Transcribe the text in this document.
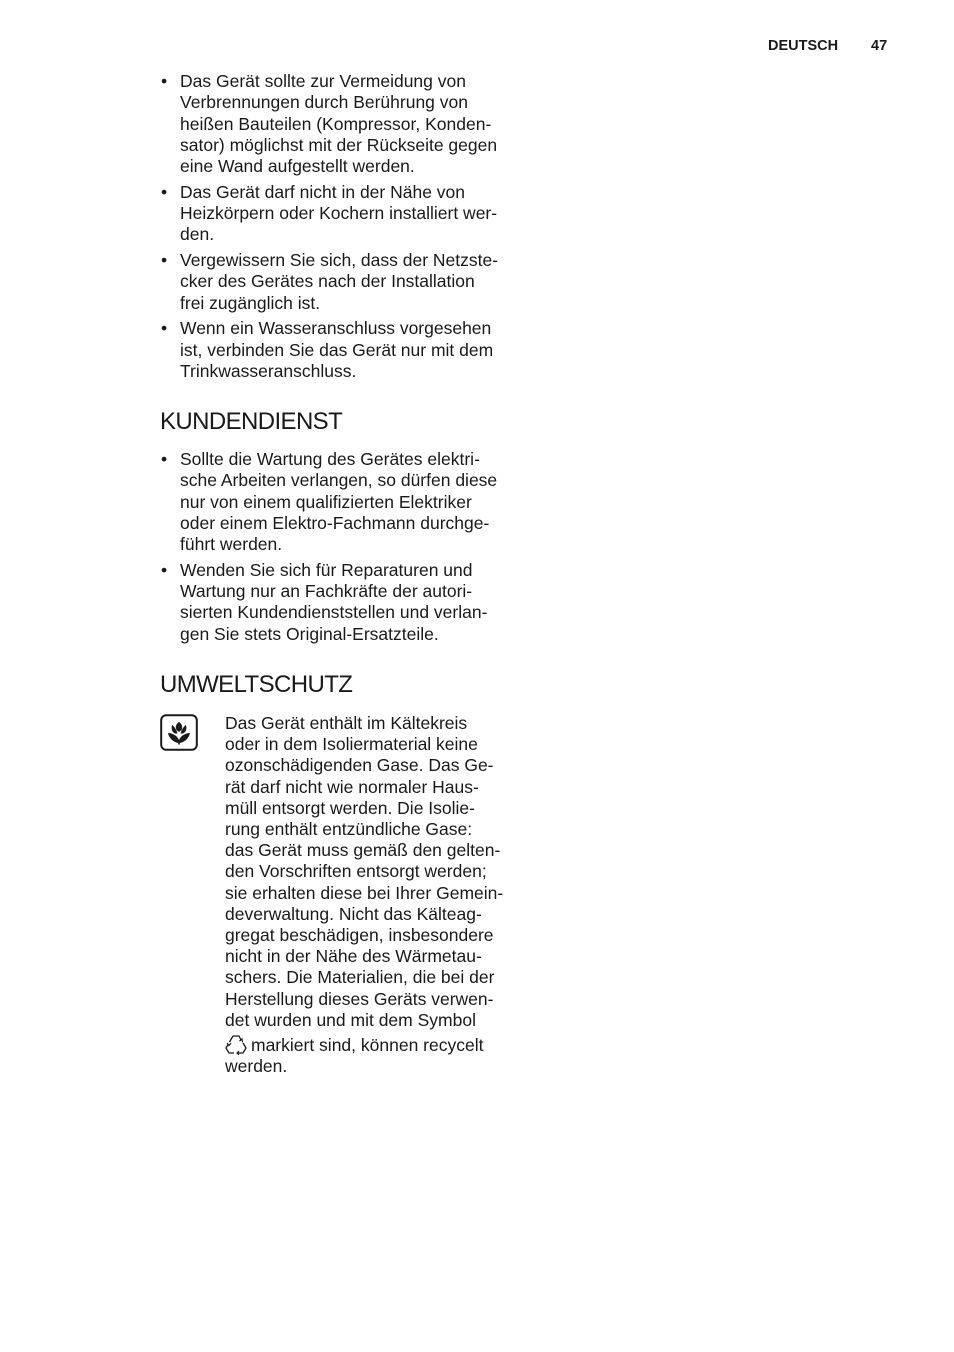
DEUTSCH 47
• Das Gerät sollte zur Vermeidung von
Verbrennungen durch Berührung von
heißen Bauteilen (Kompressor, Konden-
sator) möglichst mit der Rückseite gegen
eine Wand aufgestellt werden.
• Das Gerät darf nicht in der Nähe von
Heizkörpern oder Kochern installiert wer-
den.
• Vergewissern Sie sich, dass der Netzste-
cker des Gerätes nach der Installation
frei zugänglich ist.
• Wenn ein Wasseranschluss vorgesehen
ist, verbinden Sie das Gerät nur mit dem
Trinkwasseranschluss.
KUNDENDIENST
• Sollte die Wartung des Gerätes elektri-
sche Arbeiten verlangen, so dürfen diese
nur von einem qualifizierten Elektriker
oder einem Elektro-Fachmann durchge-
führt werden.
• Wenden Sie sich für Reparaturen und
Wartung nur an Fachkräfte der autori-
sierten Kundendienststellen und verlan-
gen Sie stets Original-Ersatzteile.
UMWELTSCHUTZ
Das Gerät enthält im Kältekreis
oder in dem Isoliermaterial keine
ozonschädigenden Gase. Das Ge-
rät darf nicht wie normaler Haus-
müll entsorgt werden. Die Isolie-
rung enthält entzündliche Gase:
das Gerät muss gemäß den gelten-
den Vorschriften entsorgt werden;
sie erhalten diese bei Ihrer Gemein-
deverwaltung. Nicht das Kälteag-
gregat beschädigen, insbesondere
nicht in der Nähe des Wärmetau-
schers. Die Materialien, die bei der
Herstellung dieses Geräts verwen-
det wurden und mit dem Symbol
markiert sind, können recycelt
werden.
